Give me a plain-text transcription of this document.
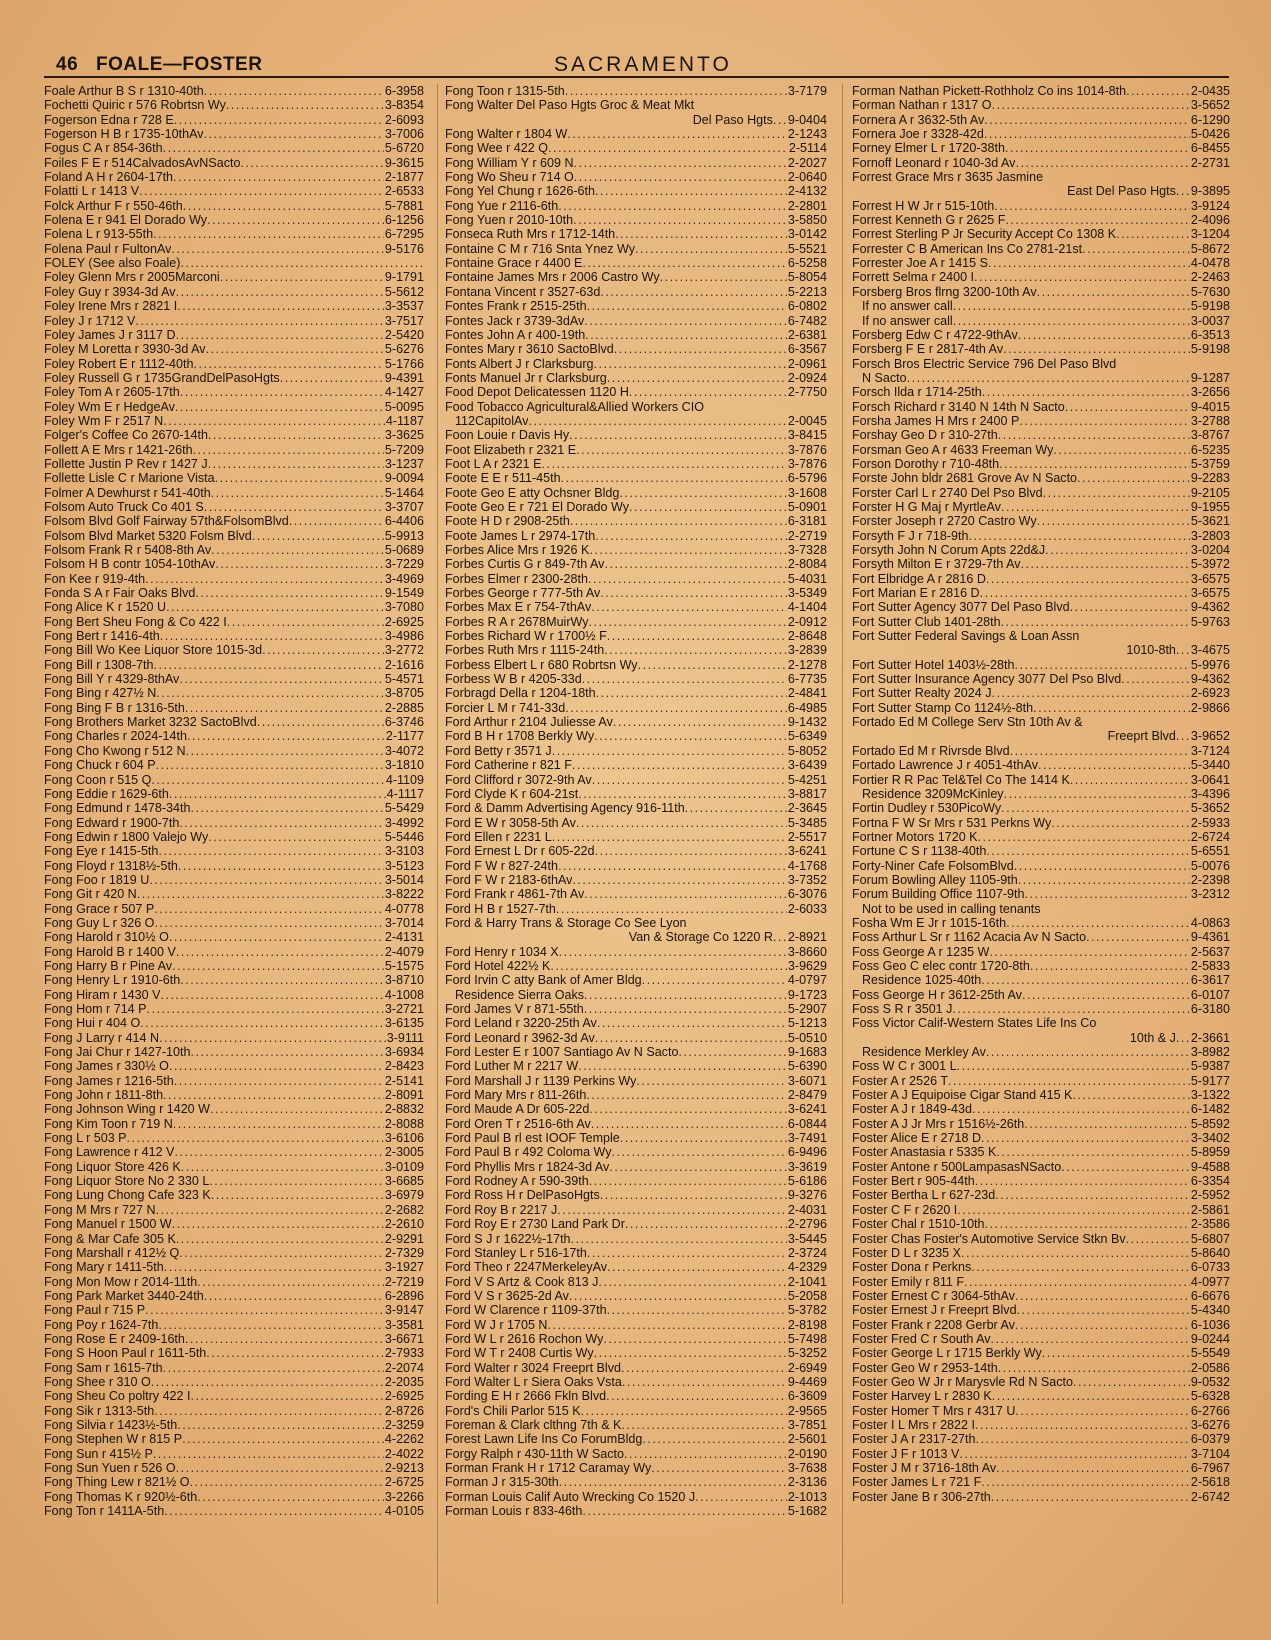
46 FOALE—FOSTER	SACRAMENTO
Foale Arthur B S r 1310-40th .....	6-3958
Fochetti Quiric r 576 Robrtsn Wy .....	3-8354
Fogerson Edna r 728 E .....	2-6093
Fogerson H B r 1735-10thAv .....	3-7006
Fogus C A r 854-36th .....	5-6720
Foiles F E r 514CalvadosAvNSacto .....	9-3615
Foland A H r 2604-17th .....	2-1877
Folatti L r 1413 V .....	2-6533
Folck Arthur F r 550-46th .....	5-7881
Folena E r 941 El Dorado Wy .....	6-1256
Folena L r 913-55th .....	6-7295
Folena Paul r FultonAv .....	9-5176
FOLEY (See also Foale)
.....
Foley Glenn Mrs r 2005Marconi .....	9-1791
Foley Guy r 3934-3d Av .....	5-5612
Foley Irene Mrs r 2821 I .....	3-3537
Foley J r 1712 V .....	3-7517
Foley James J r 3117 D .....	2-5420
Foley M Loretta r 3930-3d Av .....	5-6276
Foley Robert E r 1112-40th .....	5-1766
Foley Russell G r 1735GrandDelPasoHgts .....	9-4391
Foley Tom A r 2605-17th .....	4-1427
Foley Wm E r HedgeAv .....	5-0095
Foley Wm F r 2517 N .....	4-1187
Folger's Coffee Co 2670-14th .....	3-3625
Follett A E Mrs r 1421-26th .....	5-7209
Follette Justin P Rev r 1427 J .....	3-1237
Follette Lisle C r Marione Vista .....	9-0094
Folmer A Dewhurst r 541-40th .....	5-1464
Folsom Auto Truck Co 401 S .....	3-3707
Folsom Blvd Golf Fairway 57th&FolsomBlvd .....	6-4406
Folsom Blvd Market 5320 Folsm Blvd .....	5-9913
Folsom Frank R r 5408-8th Av .....	5-0689
Folsom H B contr 1054-10thAv .....	3-7229
Fon Kee r 919-4th .....	3-4969
Fonda S A r Fair Oaks Blvd .....	9-1549
Fong Alice K r 1520 U .....	3-7080
Fong Bert Sheu Fong & Co 422 I .....	2-6925
Fong Bert r 1416-4th .....	3-4986
Fong Bill Wo Kee Liquor Store 1015-3d .....	3-2772
Fong Bill r 1308-7th .....	2-1616
Fong Bill Y r 4329-8thAv .....	5-4571
Fong Bing r 427½ N .....	3-8705
Fong Bing F B r 1316-5th .....	2-2885
Fong Brothers Market 3232 SactoBlvd .....	6-3746
Fong Charles r 2024-14th .....	2-1177
Fong Cho Kwong r 512 N .....	3-4072
Fong Chuck r 604 P .....	3-1810
Fong Coon r 515 Q .....	4-1109
Fong Eddie r 1629-6th .....	4-1117
Fong Edmund r 1478-34th .....	5-5429
Fong Edward r 1900-7th .....	3-4992
Fong Edwin r 1800 Valejo Wy .....	5-5446
Fong Eye r 1415-5th .....	3-3103
Fong Floyd r 1318½-5th .....	3-5123
Fong Foo r 1819 U .....	3-5014
Fong Git r 420 N .....	3-8222
Fong Grace r 507 P .....	4-0778
Fong Guy L r 326 O .....	3-7014
Fong Harold r 310½ O .....	2-4131
Fong Harold B r 1400 V .....	2-4079
Fong Harry B r Pine Av .....	5-1575
Fong Henry L r 1910-6th .....	3-8710
Fong Hiram r 1430 V .....	4-1008
Fong Hom r 714 P .....	3-2721
Fong Hui r 404 O .....	3-6135
Fong J Larry r 414 N .....	3-9111
Fong Jai Chur r 1427-10th .....	3-6934
Fong James r 330½ O .....	2-8423
Fong James r 1216-5th .....	2-5141
Fong John r 1811-8th .....	2-8091
Fong Johnson Wing r 1420 W .....	2-8832
Fong Kim Toon r 719 N .....	2-8088
Fong L r 503 P .....	3-6106
Fong Lawrence r 412 V .....	2-3005
Fong Liquor Store 426 K .....	3-0109
Fong Liquor Store No 2 330 L .....	3-6685
Fong Lung Chong Cafe 323 K .....	3-6979
Fong M Mrs r 727 N .....	2-2682
Fong Manuel r 1500 W .....	2-2610
Fong & Mar Cafe 305 K .....	2-9291
Fong Marshall r 412½ Q .....	2-7329
Fong Mary r 1411-5th .....	3-1927
Fong Mon Mow r 2014-11th .....	2-7219
Fong Park Market 3440-24th .....	6-2896
Fong Paul r 715 P .....	3-9147
Fong Poy r 1624-7th .....	3-3581
Fong Rose E r 2409-16th .....	3-6671
Fong S Hoon Paul r 1611-5th .....	2-7933
Fong Sam r 1615-7th .....	2-2074
Fong Shee r 310 O .....	2-2035
Fong Sheu Co poltry 422 I .....	2-6925
Fong Sik r 1313-5th .....	2-8726
Fong Silvia r 1423½-5th .....	2-3259
Fong Stephen W r 815 P .....	4-2262
Fong Sun r 415½ P .....	2-4022
Fong Sun Yuen r 526 O .....	2-9213
Fong Thing Lew r 821½ O .....	2-6725
Fong Thomas K r 920½-6th .....	3-2266
Fong Ton r 1411A-5th .....	4-0105
Fong Toon r 1315-5th .....	3-7179
Fong Walter Del Paso Hgts Groc & Meat Mkt
Del Paso Hgts ..... 9-0404
Fong Walter r 1804 W .....	2-1243
Fong Wee r 422 Q .....	2-5114
Fong William Y r 609 N .....	2-2027
Fong Wo Sheu r 714 O .....	2-0640
Fong Yel Chung r 1626-6th .....	2-4132
Fong Yue r 2116-6th .....	2-2801
Fong Yuen r 2010-10th .....	3-5850
Fonseca Ruth Mrs r 1712-14th .....	3-0142
Fontaine C M r 716 Snta Ynez Wy .....	5-5521
Fontaine Grace r 4400 E .....	6-5258
Fontaine James Mrs r 2006 Castro Wy .....	5-8054
Fontana Vincent r 3527-63d .....	5-2213
Fontes Frank r 2515-25th .....	6-0802
Fontes Jack r 3739-3dAv .....	6-7482
Fontes John A r 400-19th .....	2-6381
Fontes Mary r 3610 SactoBlvd .....	6-3567
Fonts Albert J r Clarksburg .....	2-0961
Fonts Manuel Jr r Clarksburg .....	2-0924
Food Depot Delicatessen 1120 H .....	2-7750
Food Tobacco Agricultural&Allied Workers CIO
112CapitolAv .....	2-0045
Foon Louie r Davis Hy .....	3-8415
Foot Elizabeth r 2321 E .....	3-7876
Foot L A r 2321 E .....	3-7876
Foote E E r 511-45th .....	6-5796
Foote Geo E atty Ochsner Bldg .....	3-1608
Foote Geo E r 721 El Dorado Wy .....	5-0901
Foote H D r 2908-25th .....	6-3181
Foote James L r 2974-17th .....	2-2719
Forbes Alice Mrs r 1926 K .....	3-7328
Forbes Curtis G r 849-7th Av .....	2-8084
Forbes Elmer r 2300-28th .....	5-4031
Forbes George r 777-5th Av .....	3-5349
Forbes Max E r 754-7thAv .....	4-1404
Forbes R A r 2678MuirWy .....	2-0912
Forbes Richard W r 1700½ F .....	2-8648
Forbes Ruth Mrs r 1115-24th .....	3-2839
Forbess Elbert L r 680 Robrtsn Wy .....	2-1278
Forbess W B r 4205-33d .....	6-7735
Forbragd Della r 1204-18th .....	2-4841
Forcier L M r 741-33d .....	6-4985
Ford Arthur r 2104 Juliesse Av .....	9-1432
Ford B H r 1708 Berkly Wy .....	5-6349
Ford Betty r 3571 J .....	5-8052
Ford Catherine r 821 F .....	3-6439
Ford Clifford r 3072-9th Av .....	5-4251
Ford Clyde K r 604-21st .....	3-8817
Ford & Damm Advertising Agency 916-11th .....	2-3645
Ford E W r 3058-5th Av .....	5-3485
Ford Ellen r 2231 L .....	2-5517
Ford Ernest L Dr r 605-22d .....	3-6241
Ford F W r 827-24th .....	4-1768
Ford F W r 2183-6thAv .....	3-7352
Ford Frank r 4861-7th Av .....	6-3076
Ford H B r 1527-7th .....	2-6033
Ford & Harry Trans & Storage Co See Lyon
Van & Storage Co 1220 R ..... 2-8921
Ford Henry r 1034 X .....	3-8660
Ford Hotel 422½ K .....	3-9629
Ford Irvin C atty Bank of Amer Bldg .....	4-0797
Residence Sierra Oaks .....	9-1723
Ford James V r 871-55th .....	5-2907
Ford Leland r 3220-25th Av .....	5-1213
Ford Leonard r 3962-3d Av .....	5-0510
Ford Lester E r 1007 Santiago Av N Sacto .....	9-1683
Ford Luther M r 2217 W .....	5-6390
Ford Marshall J r 1139 Perkins Wy .....	3-6071
Ford Mary Mrs r 811-26th .....	2-8479
Ford Maude A Dr 605-22d .....	3-6241
Ford Oren T r 2516-6th Av .....	6-0844
Ford Paul B rl est IOOF Temple .....	3-7491
Ford Paul B r 492 Coloma Wy .....	6-9496
Ford Phyllis Mrs r 1824-3d Av .....	3-3619
Ford Rodney A r 590-39th .....	5-6186
Ford Ross H r DelPasoHgts .....	9-3276
Ford Roy B r 2217 J .....	2-4031
Ford Roy E r 2730 Land Park Dr .....	2-2796
Ford S J r 1622½-17th .....	3-5445
Ford Stanley L r 516-17th .....	2-3724
Ford Theo r 2247MerkeleyAv .....	4-2329
Ford V S Artz & Cook 813 J .....	2-1041
Ford V S r 3625-2d Av .....	5-2058
Ford W Clarence r 1109-37th .....	5-3782
Ford W J r 1705 N .....	2-8198
Ford W L r 2616 Rochon Wy .....	5-7498
Ford W T r 2408 Curtis Wy .....	5-3252
Ford Walter r 3024 Freeprt Blvd .....	2-6949
Ford Walter L r Siera Oaks Vsta .....	9-4469
Fording E H r 2666 Fkln Blvd .....	6-3609
Ford's Chili Parlor 515 K .....	2-9565
Foreman & Clark clthng 7th & K .....	3-7851
Forest Lawn Life Ins Co ForumBldg .....	2-5601
Forgy Ralph r 430-11th W Sacto .....	2-0190
Forman Frank H r 1712 Caramay Wy .....	3-7638
Forman J r 315-30th .....	2-3136
Forman Louis Calif Auto Wrecking Co 1520 J .....	2-1013
Forman Louis r 833-46th .....	5-1682
Forman Nathan Pickett-Rothholz Co ins 1014-8th .....	2-0435
Forman Nathan r 1317 O .....	3-5652
Fornera A r 3632-5th Av .....	6-1290
Fornera Joe r 3328-42d .....	5-0426
Forney Elmer L r 1720-38th .....	6-8455
Fornoff Leonard r 1040-3d Av .....	2-2731
Forrest Grace Mrs r 3635 Jasmine
East Del Paso Hgts ..... 9-3895
Forrest H W Jr r 515-10th .....	3-9124
Forrest Kenneth G r 2625 F .....	2-4096
Forrest Sterling P Jr Security Accept Co 1308 K .....	3-1204
Forrester C B American Ins Co 2781-21st .....	5-8672
Forrester Joe A r 1415 S .....	4-0478
Forrett Selma r 2400 I .....	2-2463
Forsberg Bros flrng 3200-10th Av .....	5-7630
If no answer call .....	5-9198
If no answer call .....	3-0037
Forsberg Edw C r 4722-9thAv .....	6-3513
Forsberg F E r 2817-4th Av .....	5-9198
Forsch Bros Electric Service 796 Del Paso Blvd
N Sacto .....	9-1287
Forsch Ilda r 1714-25th .....	3-2656
Forsch Richard r 3140 N 14th N Sacto .....	9-4015
Forsha James H Mrs r 2400 P .....	3-2788
Forshay Geo D r 310-27th .....	3-8767
Forsman Geo A r 4633 Freeman Wy .....	6-5235
Forson Dorothy r 710-48th .....	5-3759
Forste John bldr 2681 Grove Av N Sacto .....	9-2283
Forster Carl L r 2740 Del Pso Blvd .....	9-2105
Forster H G Maj r MyrtleAv .....	9-1955
Forster Joseph r 2720 Castro Wy .....	5-3621
Forsyth F J r 718-9th .....	3-2803
Forsyth John N Corum Apts 22d&J .....	3-0204
Forsyth Milton E r 3729-7th Av .....	5-3972
Fort Elbridge A r 2816 D .....	3-6575
Fort Marian E r 2816 D .....	3-6575
Fort Sutter Agency 3077 Del Paso Blvd .....	9-4362
Fort Sutter Club 1401-28th .....	5-9763
Fort Sutter Federal Savings & Loan Assn
1010-8th ..... 3-4675
Fort Sutter Hotel 1403½-28th .....	5-9976
Fort Sutter Insurance Agency 3077 Del Pso Blvd .....	9-4362
Fort Sutter Realty 2024 J .....	2-6923
Fort Sutter Stamp Co 1124½-8th .....	2-9866
Fortado Ed M College Serv Stn 10th Av &
Freeprt Blvd ..... 3-9652
Fortado Ed M r Rivrsde Blvd .....	3-7124
Fortado Lawrence J r 4051-4thAv .....	5-3440
Fortier R R Pac Tel&Tel Co The 1414 K .....	3-0641
Residence 3209McKinley .....	3-4396
Fortin Dudley r 530PicoWy .....	5-3652
Fortna F W Sr Mrs r 531 Perkns Wy .....	2-5933
Fortner Motors 1720 K .....	2-6724
Fortune C S r 1138-40th .....	5-6551
Forty-Niner Cafe FolsomBlvd .....	5-0076
Forum Bowling Alley 1105-9th .....	2-2398
Forum Building Office 1107-9th .....	3-2312
Not to be used in calling tenants
Fosha Wm E Jr r 1015-16th .....	4-0863
Foss Arthur L Sr r 1162 Acacia Av N Sacto .....	9-4361
Foss George A r 1235 W .....	2-5637
Foss Geo C elec contr 1720-8th .....	2-5833
Residence 1025-40th .....	6-3617
Foss George H r 3612-25th Av .....	6-0107
Foss S R r 3501 J .....	6-3180
Foss Victor Calif-Western States Life Ins Co
10th & J ..... 2-3661
Residence Merkley Av .....	3-8982
Foss W C r 3001 L .....	5-9387
Foster A r 2526 T .....	5-9177
Foster A J Equipoise Cigar Stand 415 K .....	3-1322
Foster A J r 1849-43d .....	6-1482
Foster A J Jr Mrs r 1516½-26th .....	5-8592
Foster Alice E r 2718 D .....	3-3402
Foster Anastasia r 5335 K .....	5-8959
Foster Antone r 500LampasasNSacto .....	9-4588
Foster Bert r 905-44th .....	6-3354
Foster Bertha L r 627-23d .....	2-5952
Foster C F r 2620 I .....	2-5861
Foster Chal r 1510-10th .....	2-3586
Foster Chas Foster's Automotive Service Stkn Bv .....	5-6807
Foster D L r 3235 X .....	5-8640
Foster Dona r Perkns .....	6-0733
Foster Emily r 811 F .....	4-0977
Foster Ernest C r 3064-5thAv .....	6-6676
Foster Ernest J r Freeprt Blvd .....	5-4340
Foster Frank r 2208 Gerbr Av .....	6-1036
Foster Fred C r South Av .....	9-0244
Foster George L r 1715 Berkly Wy .....	5-5549
Foster Geo W r 2953-14th .....	2-0586
Foster Geo W Jr r Marysvle Rd N Sacto .....	9-0532
Foster Harvey L r 2830 K .....	5-6328
Foster Homer T Mrs r 4317 U .....	6-2766
Foster I L Mrs r 2822 I .....	3-6276
Foster J A r 2317-27th .....	6-0379
Foster J F r 1013 V .....	3-7104
Foster J M r 3716-18th Av .....	6-7967
Foster James L r 721 F .....	2-5618
Foster Jane B r 306-27th .....	2-6742
